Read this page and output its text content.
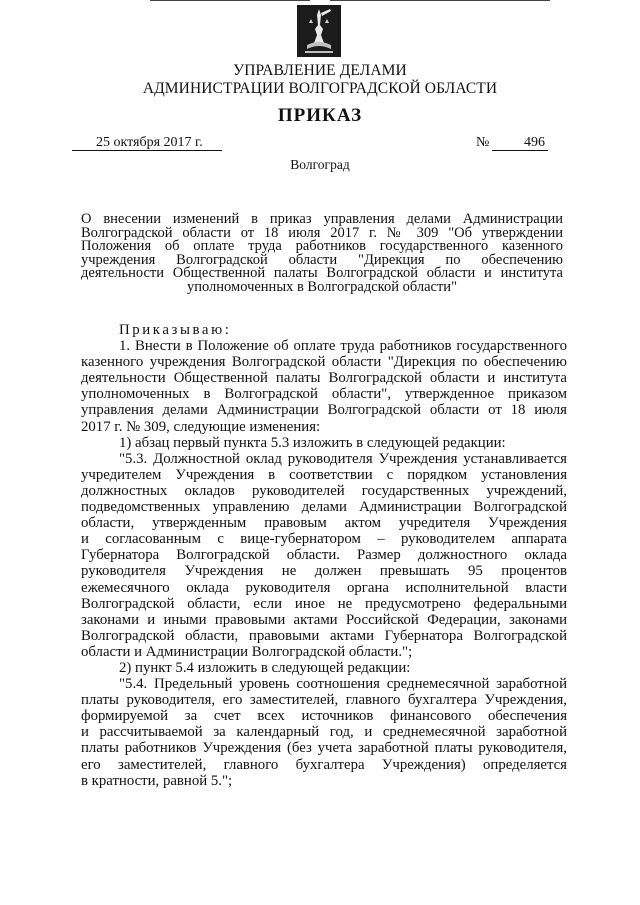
УПРАВЛЕНИЕ ДЕЛАМИ
АДМИНИСТРАЦИИ ВОЛГОГРАДСКОЙ ОБЛАСТИ
ПРИКАЗ
25 октября 2017 г.	№ 496
Волгоград
О внесении изменений в приказ управления делами Администрации
Волгоградской области от 18 июля 2017 г. № 309 "Об утверждении
Положения об оплате труда работников государственного казенного
учреждения Волгоградской области "Дирекция по обеспечению
деятельности Общественной палаты Волгоградской области и института
уполномоченных в Волгоградской области"
Приказываю:
1. Внести в Положение об оплате труда работников государственного
казенного учреждения Волгоградской области "Дирекция по обеспечению
деятельности Общественной палаты Волгоградской области и института
уполномоченных в Волгоградской области", утвержденное приказом
управления делами Администрации Волгоградской области от 18 июля
2017 г. № 309, следующие изменения:
1) абзац первый пункта 5.3 изложить в следующей редакции:
"5.3. Должностной оклад руководителя Учреждения устанавливается
учредителем Учреждения в соответствии с порядком установления
должностных окладов руководителей государственных учреждений,
подведомственных управлению делами Администрации Волгоградской
области, утвержденным правовым актом учредителя Учреждения
и согласованным с вице-губернатором – руководителем аппарата
Губернатора Волгоградской области. Размер должностного оклада
руководителя Учреждения не должен превышать 95 процентов
ежемесячного оклада руководителя органа исполнительной власти
Волгоградской области, если иное не предусмотрено федеральными
законами и иными правовыми актами Российской Федерации, законами
Волгоградской области, правовыми актами Губернатора Волгоградской
области и Администрации Волгоградской области.";
2) пункт 5.4 изложить в следующей редакции:
"5.4. Предельный уровень соотношения среднемесячной заработной
платы руководителя, его заместителей, главного бухгалтера Учреждения,
формируемой за счет всех источников финансового обеспечения
и рассчитываемой за календарный год, и среднемесячной заработной
платы работников Учреждения (без учета заработной платы руководителя,
его заместителей, главного бухгалтера Учреждения) определяется
в кратности, равной 5.";
